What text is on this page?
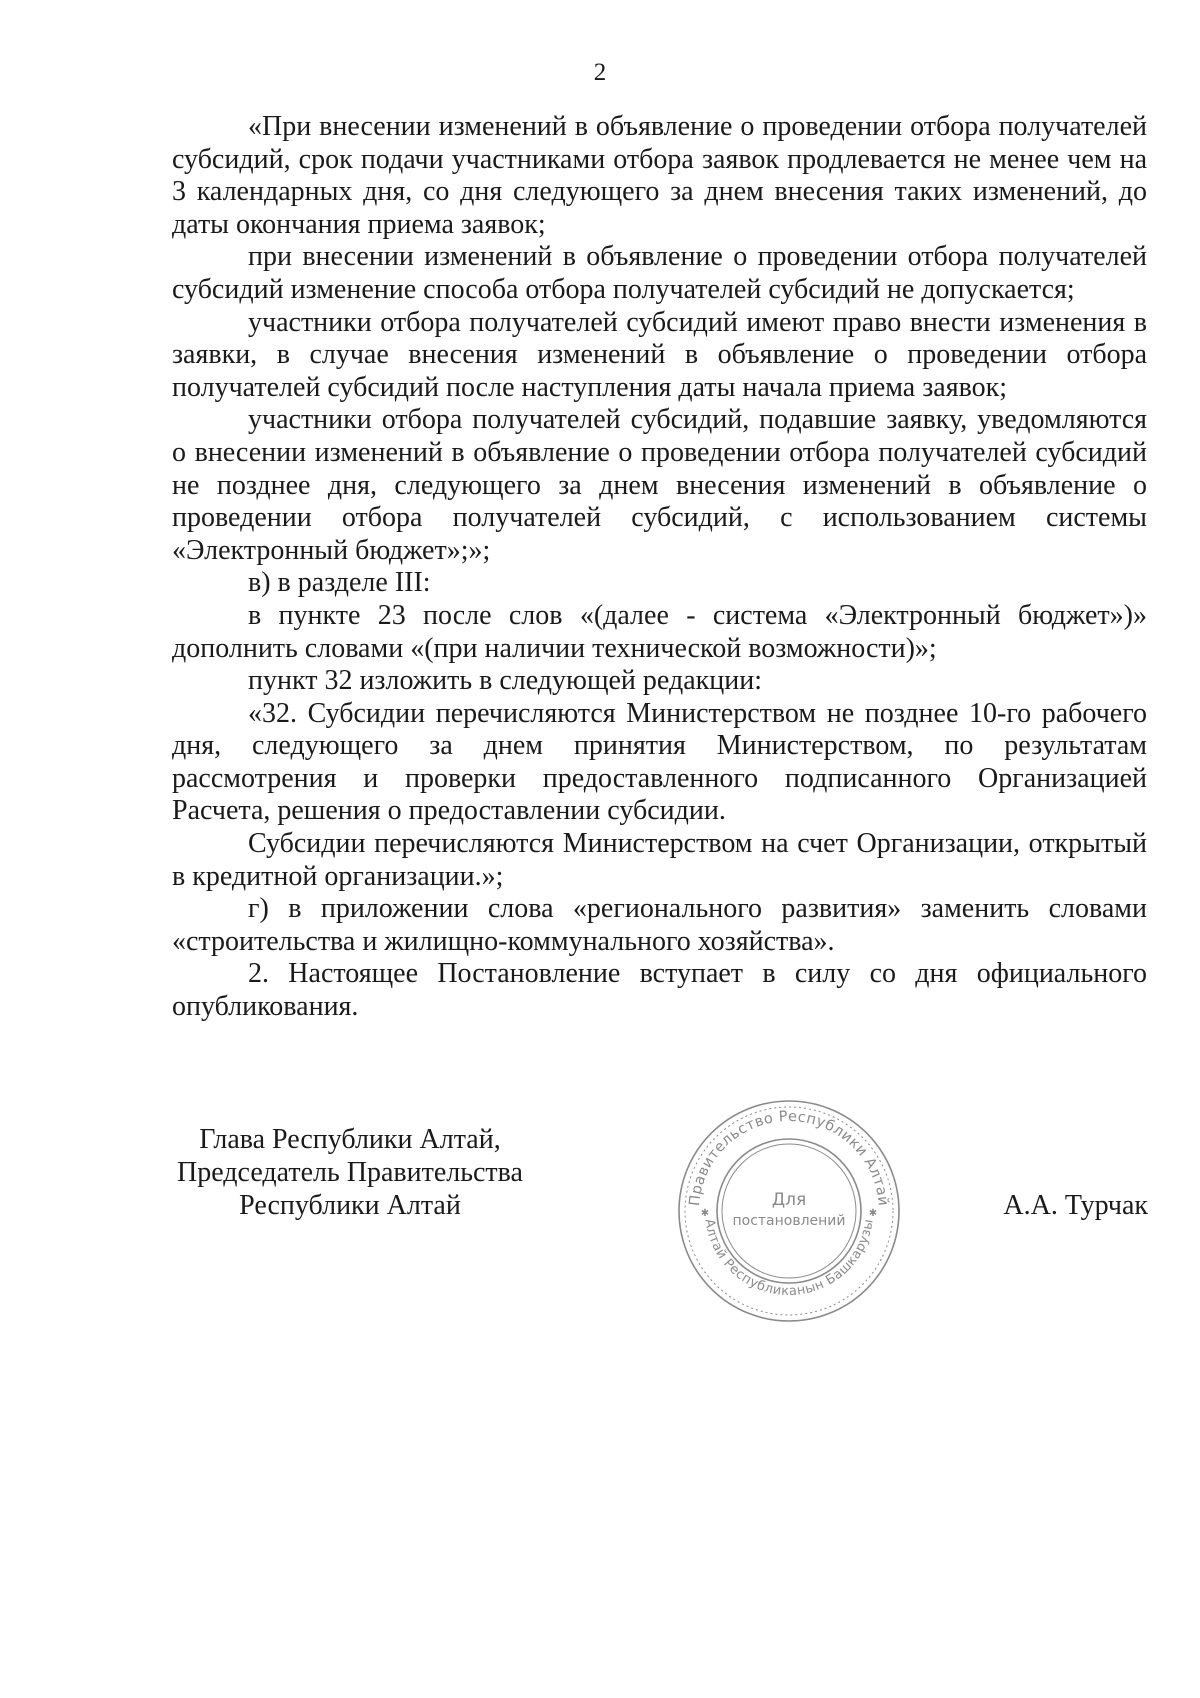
2

«При внесении изменений в объявление о проведении отбора получателей субсидий, срок подачи участниками отбора заявок продлевается не менее чем на 3 календарных дня, со дня следующего за днем внесения таких изменений, до даты окончания приема заявок;

при внесении изменений в объявление о проведении отбора получателей субсидий изменение способа отбора получателей субсидий не допускается;

участники отбора получателей субсидий имеют право внести изменения в заявки, в случае внесения изменений в объявление о проведении отбора получателей субсидий после наступления даты начала приема заявок;

участники отбора получателей субсидий, подавшие заявку, уведомляются о внесении изменений в объявление о проведении отбора получателей субсидий не позднее дня, следующего за днем внесения изменений в объявление о проведении отбора получателей субсидий, с использованием системы «Электронный бюджет»;»;

в) в разделе III:

в пункте 23 после слов «(далее - система «Электронный бюджет»)» дополнить словами «(при наличии технической возможности)»;

пункт 32 изложить в следующей редакции:

«32. Субсидии перечисляются Министерством не позднее 10-го рабочего дня, следующего за днем принятия Министерством, по результатам рассмотрения и проверки предоставленного подписанного Организацией Расчета, решения о предоставлении субсидии.

Субсидии перечисляются Министерством на счет Организации, открытый в кредитной организации.»;

г) в приложении слова «регионального развития» заменить словами «строительства и жилищно-коммунального хозяйства».

2. Настоящее Постановление вступает в силу со дня официального опубликования.

Глава Республики Алтай,
Председатель Правительства
Республики Алтай	Правительство Республики Алтай
Алтай Республиканын Башкарузы
Для
постановлений
✱	✱	А.А. Турчак
